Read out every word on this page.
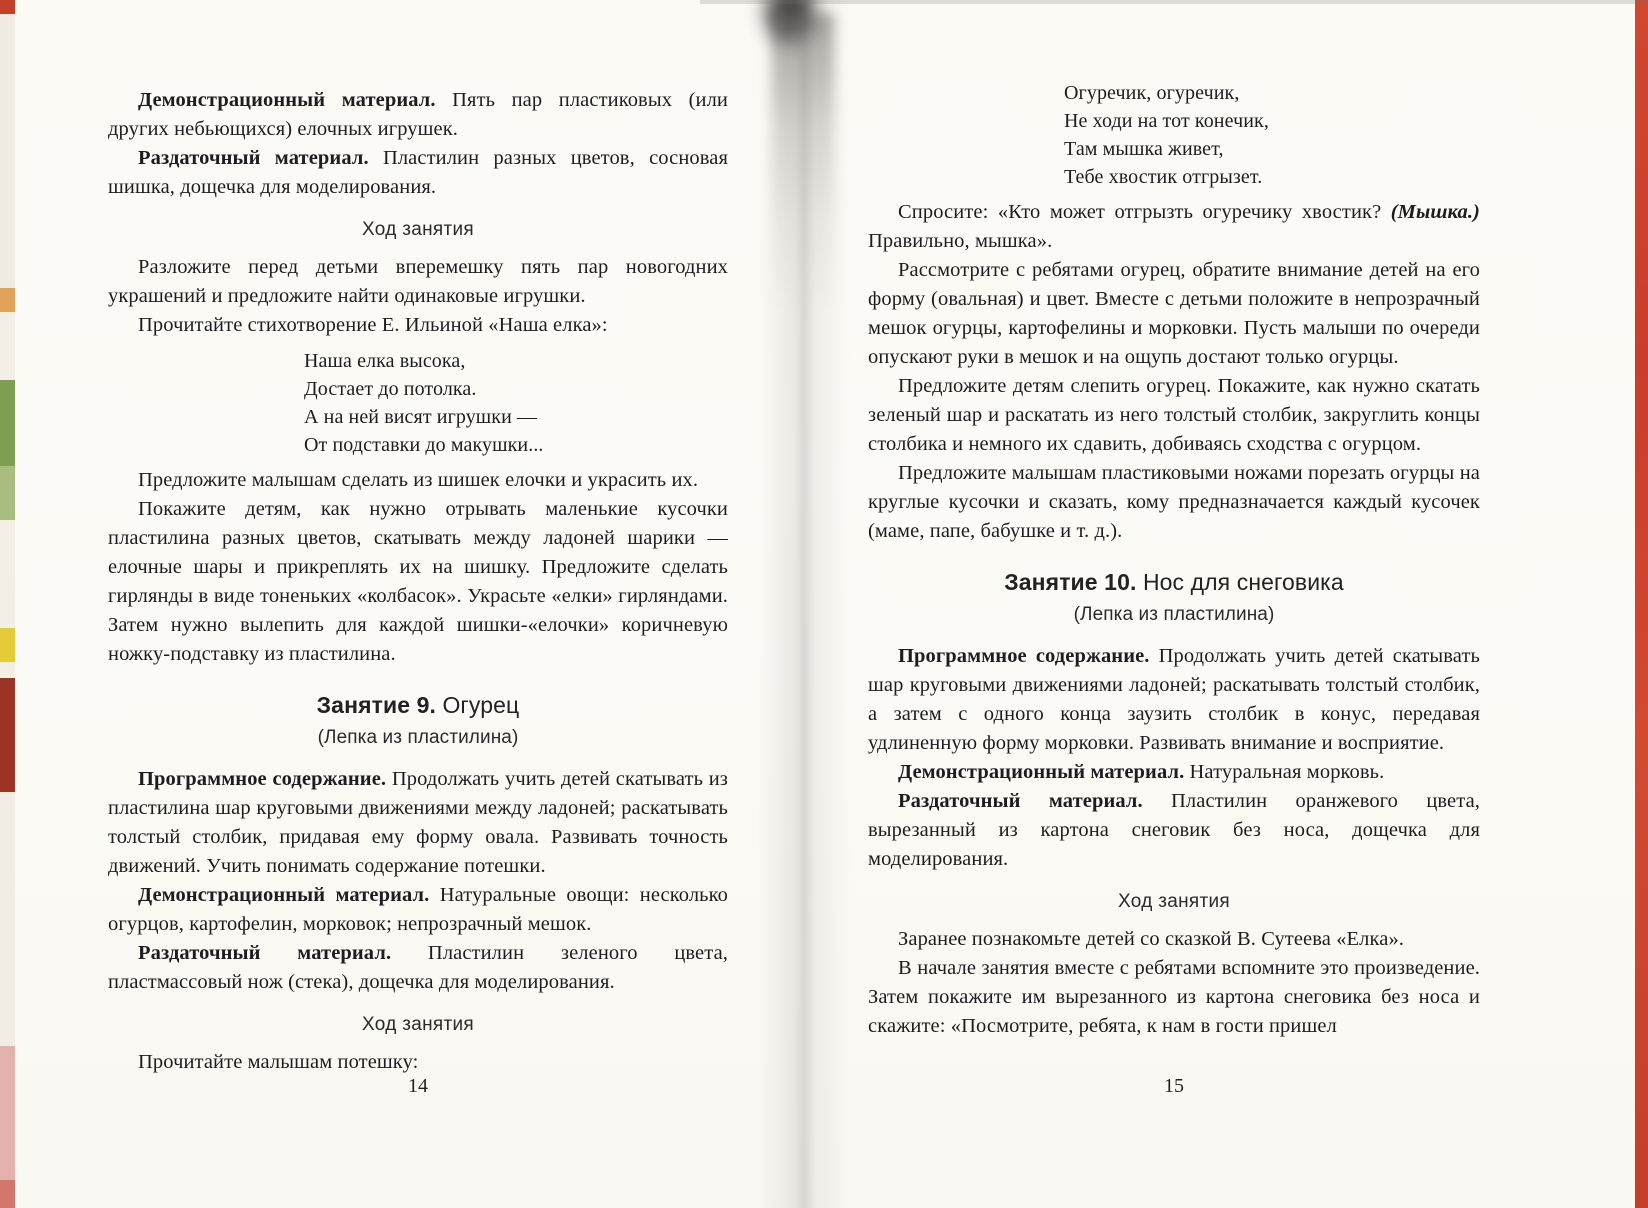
Демонстрационный материал. Пять пар пластиковых (или других небьющихся) елочных игрушек.

Раздаточный материал. Пластилин разных цветов, сосновая шишка, дощечка для моделирования.

Ход занятия

Разложите перед детьми вперемешку пять пар новогодних украшений и предложите найти одинаковые игрушки.

Прочитайте стихотворение Е. Ильиной «Наша елка»:

Наша елка высока,
Достает до потолка.
А на ней висят игрушки —
От подставки до макушки...

Предложите малышам сделать из шишек елочки и украсить их.

Покажите детям, как нужно отрывать маленькие кусочки пластилина разных цветов, скатывать между ладоней шарики — елочные шары и прикреплять их на шишку. Предложите сделать гирлянды в виде тоненьких «колбасок». Украсьте «елки» гирляндами. Затем нужно вылепить для каждой шишки-«елочки» коричневую ножку-подставку из пластилина.

Занятие 9. Огурец

(Лепка из пластилина)

Программное содержание. Продолжать учить детей скатывать из пластилина шар круговыми движениями между ладоней; раскатывать толстый столбик, придавая ему форму овала. Развивать точность движений. Учить понимать содержание потешки.

Демонстрационный материал. Натуральные овощи: несколько огурцов, картофелин, морковок; непрозрачный мешок.

Раздаточный материал. Пластилин зеленого цвета, пластмассовый нож (стека), дощечка для моделирования.

Ход занятия

Прочитайте малышам потешку:

14
Огуречик, огуречик,
Не ходи на тот конечик,
Там мышка живет,
Тебе хвостик отгрызет.

Спросите: «Кто может отгрызть огуречику хвостик? (Мышка.) Правильно, мышка».

Рассмотрите с ребятами огурец, обратите внимание детей на его форму (овальная) и цвет. Вместе с детьми положите в непрозрачный мешок огурцы, картофелины и морковки. Пусть малыши по очереди опускают руки в мешок и на ощупь достают только огурцы.

Предложите детям слепить огурец. Покажите, как нужно скатать зеленый шар и раскатать из него толстый столбик, закруглить концы столбика и немного их сдавить, добиваясь сходства с огурцом.

Предложите малышам пластиковыми ножами порезать огурцы на круглые кусочки и сказать, кому предназначается каждый кусочек (маме, папе, бабушке и т. д.).

Занятие 10. Нос для снеговика

(Лепка из пластилина)

Программное содержание. Продолжать учить детей скатывать шар круговыми движениями ладоней; раскатывать толстый столбик, а затем с одного конца заузить столбик в конус, передавая удлиненную форму морковки. Развивать внимание и восприятие.

Демонстрационный материал. Натуральная морковь.

Раздаточный материал. Пластилин оранжевого цвета, вырезанный из картона снеговик без носа, дощечка для моделирования.

Ход занятия

Заранее познакомьте детей со сказкой В. Сутеева «Елка».

В начале занятия вместе с ребятами вспомните это произведение. Затем покажите им вырезанного из картона снеговика без носа и скажите: «Посмотрите, ребята, к нам в гости пришел

15
